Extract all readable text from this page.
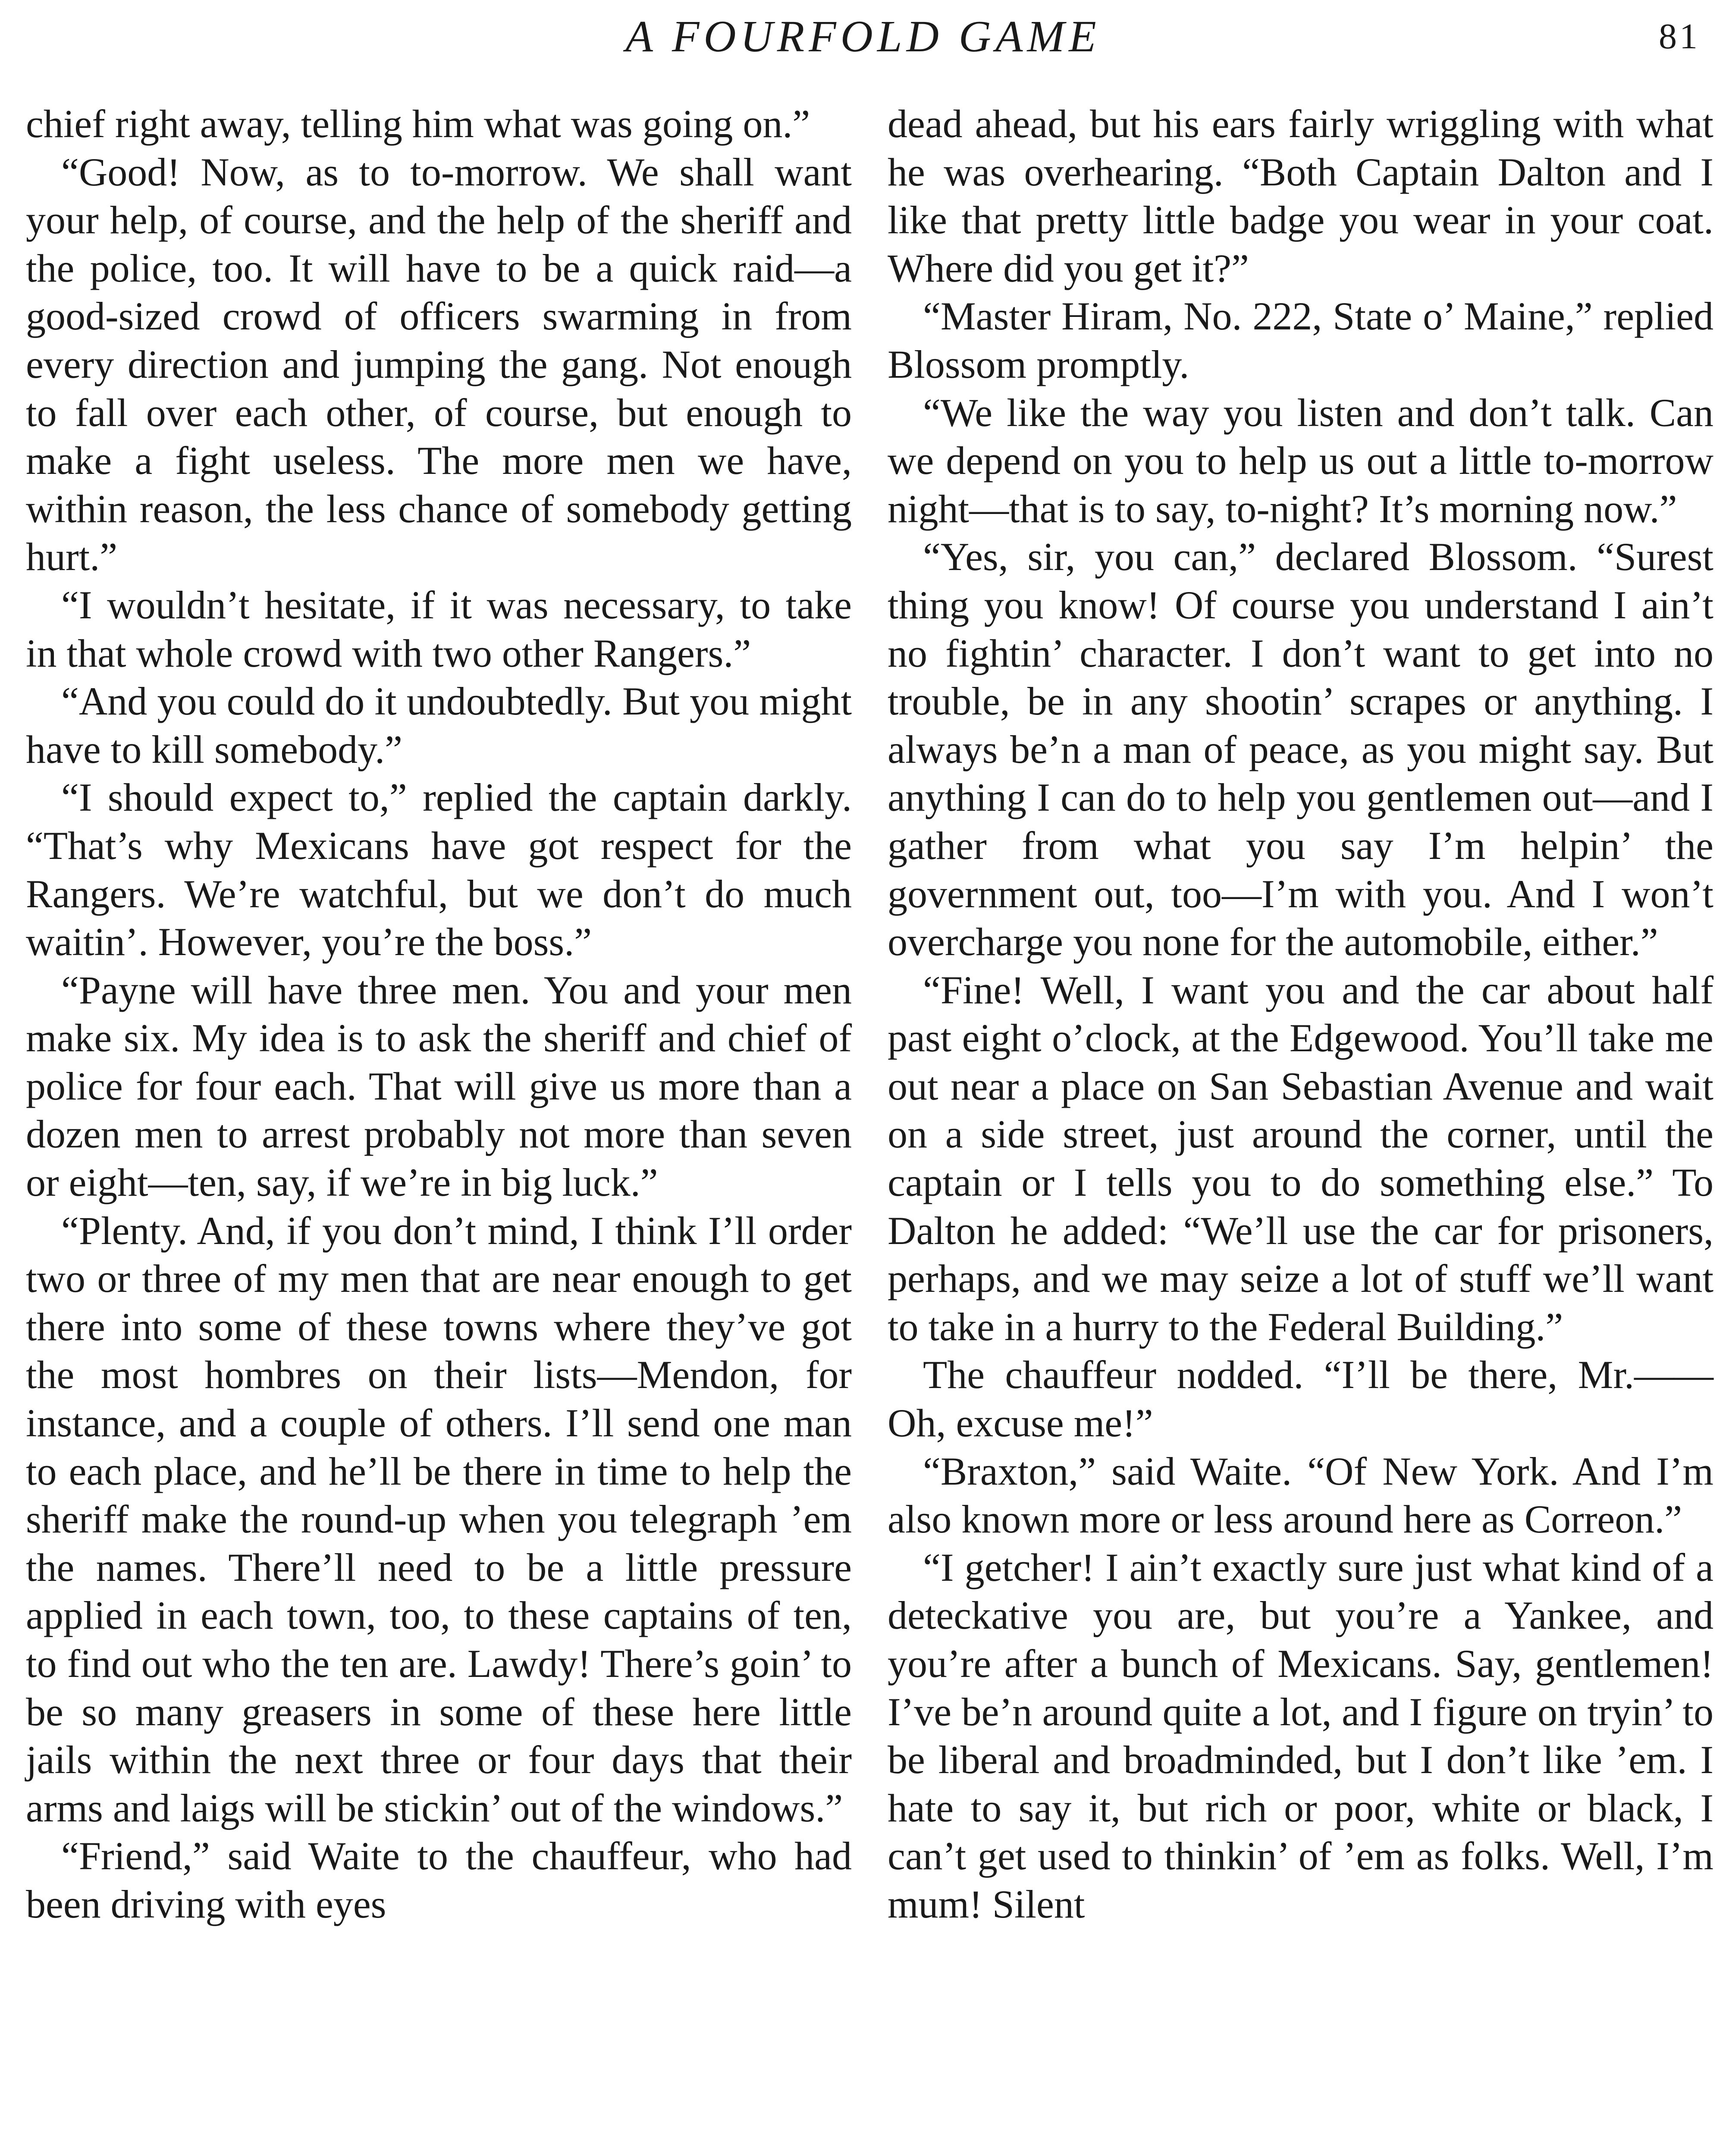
A FOURFOLD GAME	81

chief right away, telling him what was going on.”

“Good! Now, as to to-morrow. We shall want your help, of course, and the help of the sheriff and the police, too. It will have to be a quick raid—a good-sized crowd of officers swarming in from every direction and jumping the gang. Not enough to fall over each other, of course, but enough to make a fight useless. The more men we have, within reason, the less chance of somebody getting hurt.”

“I wouldn’t hesitate, if it was necessary, to take in that whole crowd with two other Rangers.”

“And you could do it undoubtedly. But you might have to kill somebody.”

“I should expect to,” replied the captain darkly. “That’s why Mexicans have got respect for the Rangers. We’re watchful, but we don’t do much waitin’. However, you’re the boss.”

“Payne will have three men. You and your men make six. My idea is to ask the sheriff and chief of police for four each. That will give us more than a dozen men to arrest probably not more than seven or eight—ten, say, if we’re in big luck.”

“Plenty. And, if you don’t mind, I think I’ll order two or three of my men that are near enough to get there into some of these towns where they’ve got the most hombres on their lists—Mendon, for instance, and a couple of others. I’ll send one man to each place, and he’ll be there in time to help the sheriff make the round-up when you telegraph ’em the names. There’ll need to be a little pressure applied in each town, too, to these captains of ten, to find out who the ten are. Lawdy! There’s goin’ to be so many greasers in some of these here little jails within the next three or four days that their arms and laigs will be stickin’ out of the windows.”

“Friend,” said Waite to the chauffeur, who had been driving with eyes

dead ahead, but his ears fairly wriggling with what he was overhearing. “Both Captain Dalton and I like that pretty little badge you wear in your coat. Where did you get it?”

“Master Hiram, No. 222, State o’ Maine,” replied Blossom promptly.

“We like the way you listen and don’t talk. Can we depend on you to help us out a little to-morrow night—that is to say, to-night? It’s morning now.”

“Yes, sir, you can,” declared Blossom. “Surest thing you know! Of course you understand I ain’t no fightin’ character. I don’t want to get into no trouble, be in any shootin’ scrapes or anything. I always be’n a man of peace, as you might say. But anything I can do to help you gentlemen out—and I gather from what you say I’m helpin’ the government out, too—I’m with you. And I won’t overcharge you none for the automobile, either.”

“Fine! Well, I want you and the car about half past eight o’clock, at the Edgewood. You’ll take me out near a place on San Sebastian Avenue and wait on a side street, just around the corner, until the captain or I tells you to do something else.” To Dalton he added: “We’ll use the car for prisoners, perhaps, and we may seize a lot of stuff we’ll want to take in a hurry to the Federal Building.”

The chauffeur nodded. “I’ll be there, Mr.—— Oh, excuse me!”

“Braxton,” said Waite. “Of New York. And I’m also known more or less around here as Correon.”

“I getcher! I ain’t exactly sure just what kind of a deteckative you are, but you’re a Yankee, and you’re after a bunch of Mexicans. Say, gentlemen! I’ve be’n around quite a lot, and I figure on tryin’ to be liberal and broadminded, but I don’t like ’em. I hate to say it, but rich or poor, white or black, I can’t get used to thinkin’ of ’em as folks. Well, I’m mum! Silent
